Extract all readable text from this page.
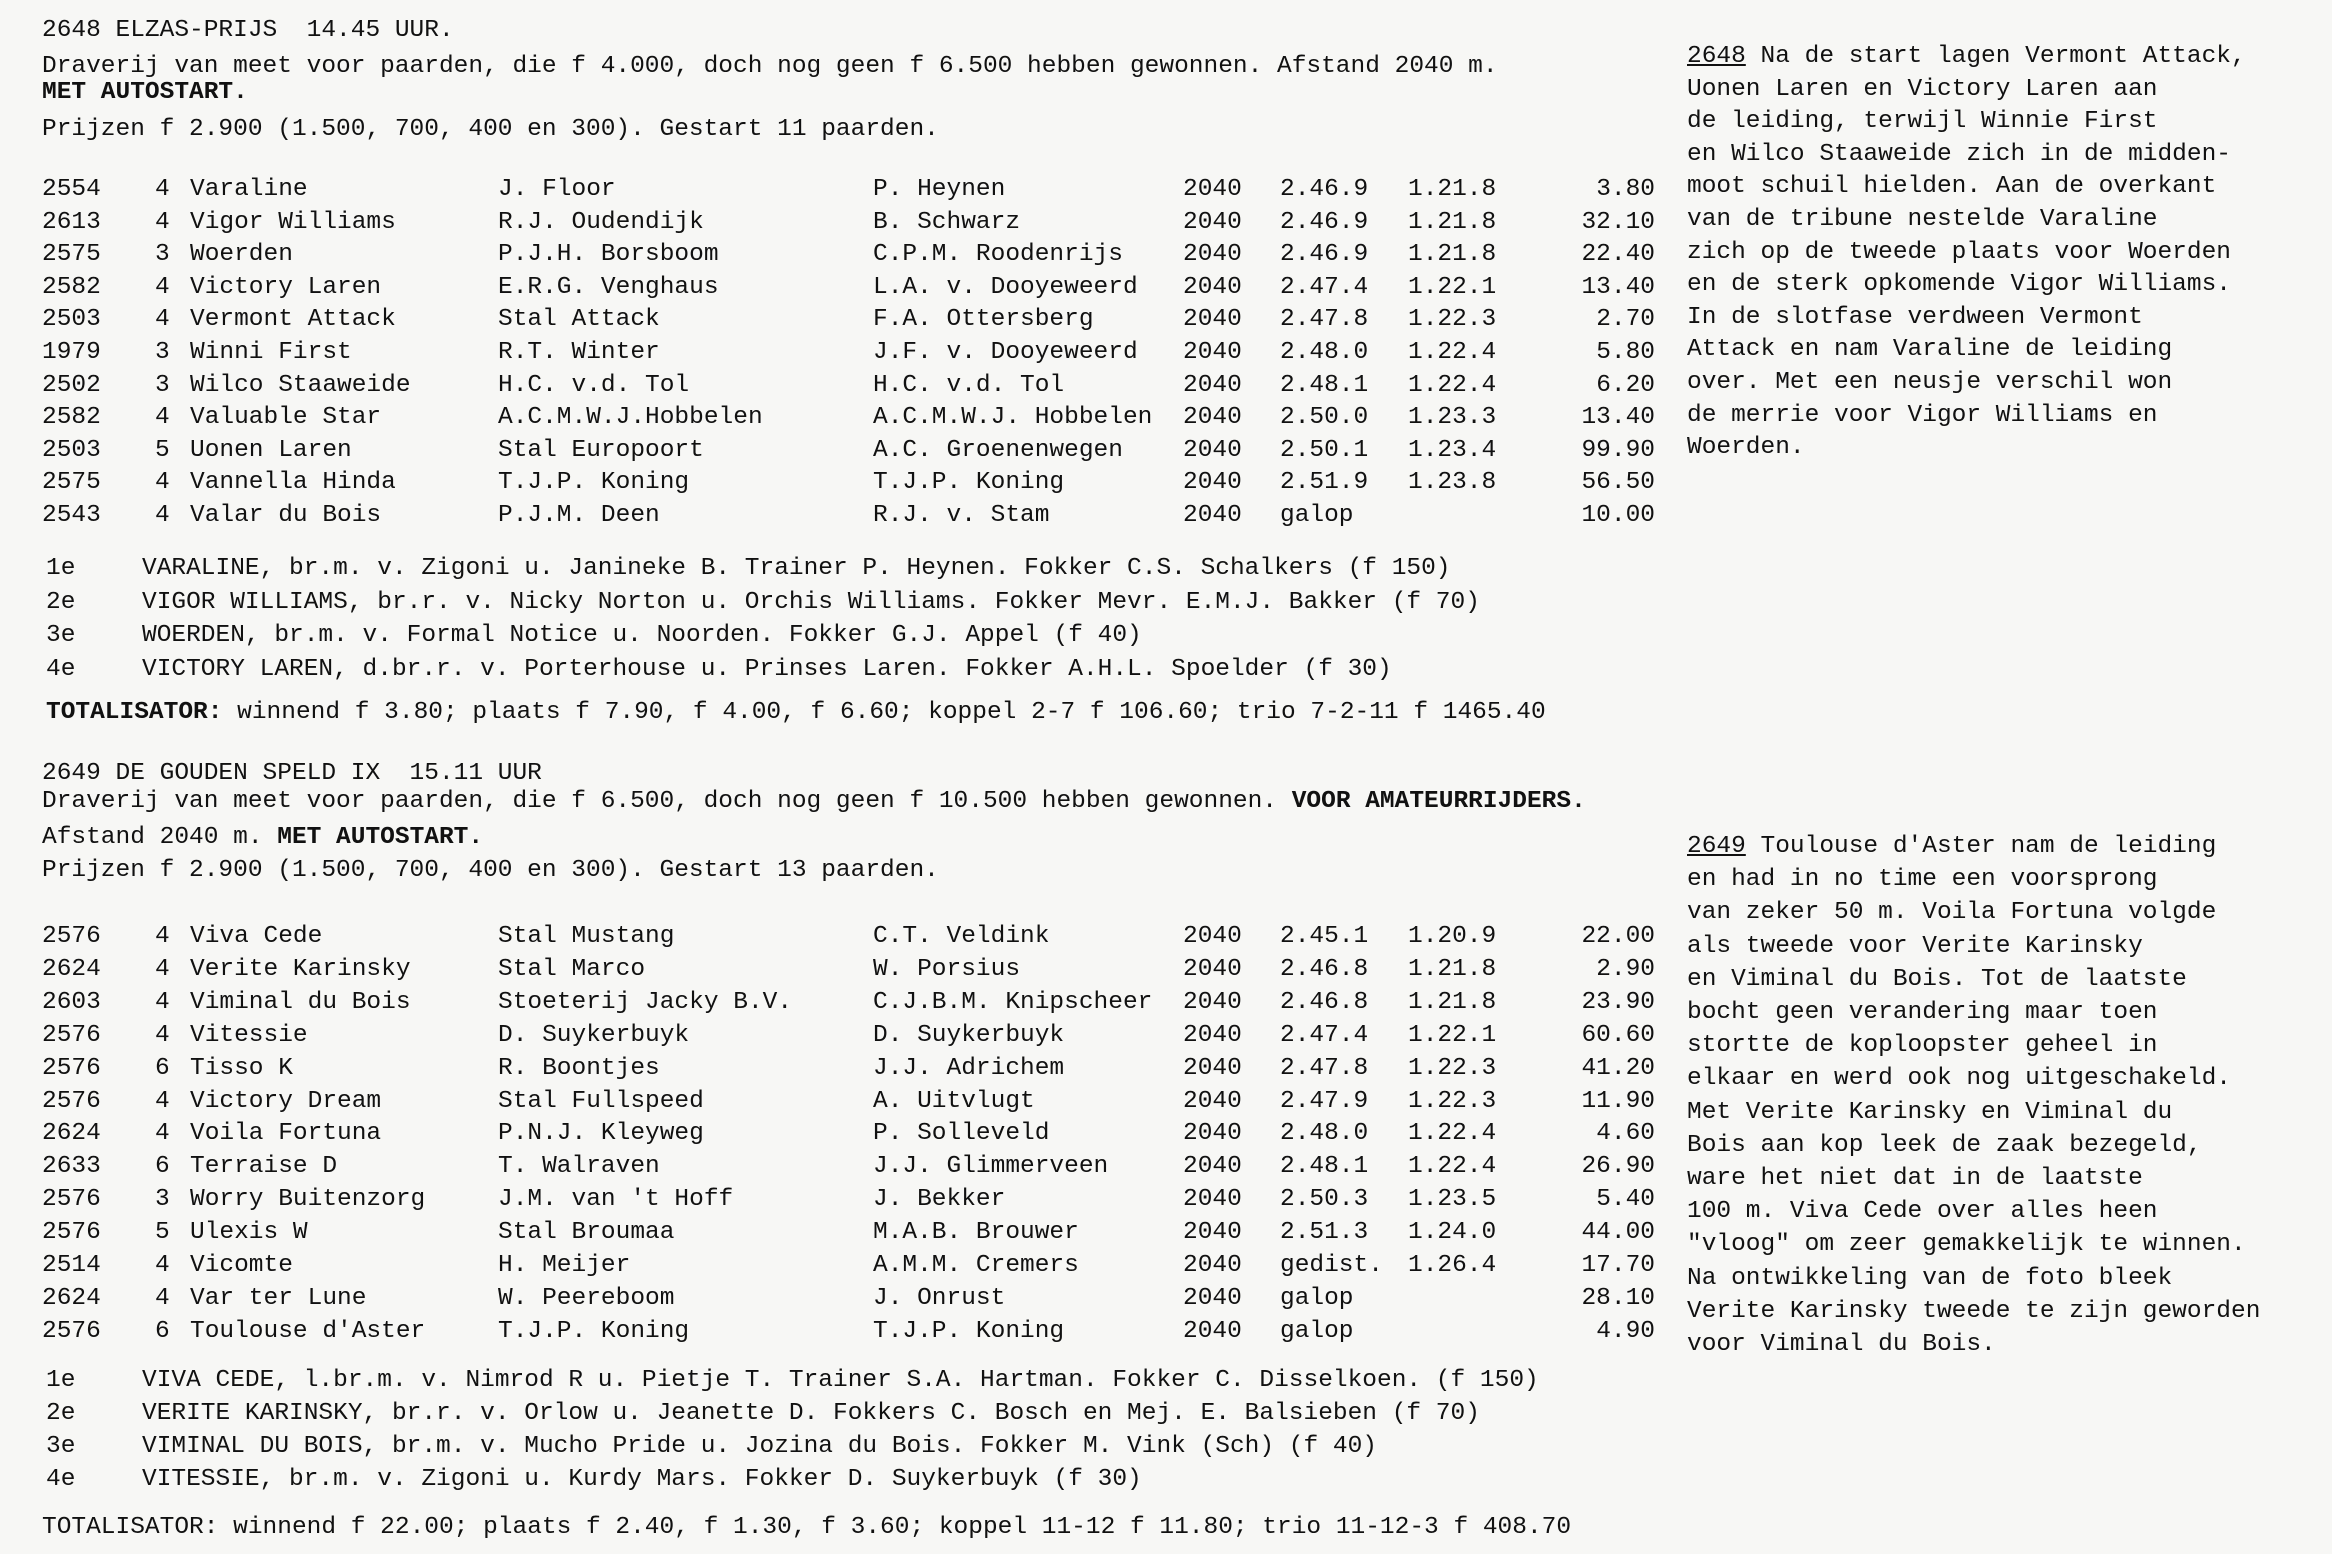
2648 ELZAS-PRIJS  14.45 UUR.
Draverij van meet voor paarden, die f 4.000, doch nog geen f 6.500 hebben gewonnen. Afstand 2040 m.
MET AUTOSTART.
Prijzen f 2.900 (1.500, 700, 400 en 300). Gestart 11 paarden.
2554 4 Varaline	J. Floor	P. Heynen	2040 2.46.9 1.21.8	3.80
2613 4 Vigor Williams	R.J. Oudendijk	B. Schwarz	2040 2.46.9 1.21.8	32.10
2575 3 Woerden	P.J.H. Borsboom	C.P.M. Roodenrijs 2040 2.46.9 1.21.8	22.40
2582 4 Victory Laren	E.R.G. Venghaus	L.A. v. Dooyeweerd 2040 2.47.4 1.22.1	13.40
2503 4 Vermont Attack	Stal Attack	F.A. Ottersberg	2040 2.47.8 1.22.3	2.70
1979 3 Winni First	R.T. Winter	J.F. v. Dooyeweerd 2040 2.48.0 1.22.4	5.80
2502 3 Wilco Staaweide	H.C. v.d. Tol	H.C. v.d. Tol	2040 2.48.1 1.22.4	6.20
2582 4 Valuable Star	A.C.M.W.J.Hobbelen	A.C.M.W.J. Hobbelen 2040 2.50.0 1.23.3	13.40
2503 5 Uonen Laren	Stal Europoort	A.C. Groenenwegen 2040 2.50.1 1.23.4	99.90
2575 4 Vannella Hinda	T.J.P. Koning	T.J.P. Koning	2040 2.51.9 1.23.8	56.50
2543 4 Valar du Bois	P.J.M. Deen	R.J. v. Stam	2040 galop	10.00
1e	VARALINE, br.m. v. Zigoni u. Janineke B. Trainer P. Heynen. Fokker C.S. Schalkers (f 150)
2e	VIGOR WILLIAMS, br.r. v. Nicky Norton u. Orchis Williams. Fokker Mevr. E.M.J. Bakker (f 70)
3e	WOERDEN, br.m. v. Formal Notice u. Noorden. Fokker G.J. Appel (f 40)
4e	VICTORY LAREN, d.br.r. v. Porterhouse u. Prinses Laren. Fokker A.H.L. Spoelder (f 30)
TOTALISATOR: winnend f 3.80; plaats f 7.90, f 4.00, f 6.60; koppel 2-7 f 106.60; trio 7-2-11 f 1465.40
2648 Na de start lagen Vermont Attack,
Uonen Laren en Victory Laren aan
de leiding, terwijl Winnie First
en Wilco Staaweide zich in de midden-
moot schuil hielden. Aan de overkant
van de tribune nestelde Varaline
zich op de tweede plaats voor Woerden
en de sterk opkomende Vigor Williams.
In de slotfase verdween Vermont
Attack en nam Varaline de leiding
over. Met een neusje verschil won
de merrie voor Vigor Williams en
Woerden.
2649 DE GOUDEN SPELD IX  15.11 UUR
Draverij van meet voor paarden, die f 6.500, doch nog geen f 10.500 hebben gewonnen. VOOR AMATEURRIJDERS.
Afstand 2040 m. MET AUTOSTART.
Prijzen f 2.900 (1.500, 700, 400 en 300). Gestart 13 paarden.
2576 4 Viva Cede	Stal Mustang	C.T. Veldink	2040 2.45.1 1.20.9	22.00
2624 4 Verite Karinsky	Stal Marco	W. Porsius	2040 2.46.8 1.21.8	2.90
2603 4 Viminal du Bois	Stoeterij Jacky B.V.	C.J.B.M. Knipscheer 2040 2.46.8 1.21.8	23.90
2576 4 Vitessie	D. Suykerbuyk	D. Suykerbuyk	2040 2.47.4 1.22.1	60.60
2576 6 Tisso K	R. Boontjes	J.J. Adrichem	2040 2.47.8 1.22.3	41.20
2576 4 Victory Dream	Stal Fullspeed	A. Uitvlugt	2040 2.47.9 1.22.3	11.90
2624 4 Voila Fortuna	P.N.J. Kleyweg	P. Solleveld	2040 2.48.0 1.22.4	4.60
2633 6 Terraise D	T. Walraven	J.J. Glimmerveen	2040 2.48.1 1.22.4	26.90
2576 3 Worry Buitenzorg	J.M. van 't Hoff	J. Bekker	2040 2.50.3 1.23.5	5.40
2576 5 Ulexis W	Stal Broumaa	M.A.B. Brouwer	2040 2.51.3 1.24.0	44.00
2514 4 Vicomte	H. Meijer	A.M.M. Cremers	2040 gedist. 1.26.4	17.70
2624 4 Var ter Lune	W. Peereboom	J. Onrust	2040 galop	28.10
2576 6 Toulouse d'Aster	T.J.P. Koning	T.J.P. Koning	2040 galop	4.90
1e	VIVA CEDE, l.br.m. v. Nimrod R u. Pietje T. Trainer S.A. Hartman. Fokker C. Disselkoen. (f 150)
2e	VERITE KARINSKY, br.r. v. Orlow u. Jeanette D. Fokkers C. Bosch en Mej. E. Balsieben (f 70)
3e	VIMINAL DU BOIS, br.m. v. Mucho Pride u. Jozina du Bois. Fokker M. Vink (Sch) (f 40)
4e	VITESSIE, br.m. v. Zigoni u. Kurdy Mars. Fokker D. Suykerbuyk (f 30)
TOTALISATOR: winnend f 22.00; plaats f 2.40, f 1.30, f 3.60; koppel 11-12 f 11.80; trio 11-12-3 f 408.70
2649 Toulouse d'Aster nam de leiding
en had in no time een voorsprong
van zeker 50 m. Voila Fortuna volgde
als tweede voor Verite Karinsky
en Viminal du Bois. Tot de laatste
bocht geen verandering maar toen
stortte de koploopster geheel in
elkaar en werd ook nog uitgeschakeld.
Met Verite Karinsky en Viminal du
Bois aan kop leek de zaak bezegeld,
ware het niet dat in de laatste
100 m. Viva Cede over alles heen
"vloog" om zeer gemakkelijk te winnen.
Na ontwikkeling van de foto bleek
Verite Karinsky tweede te zijn geworden
voor Viminal du Bois.
